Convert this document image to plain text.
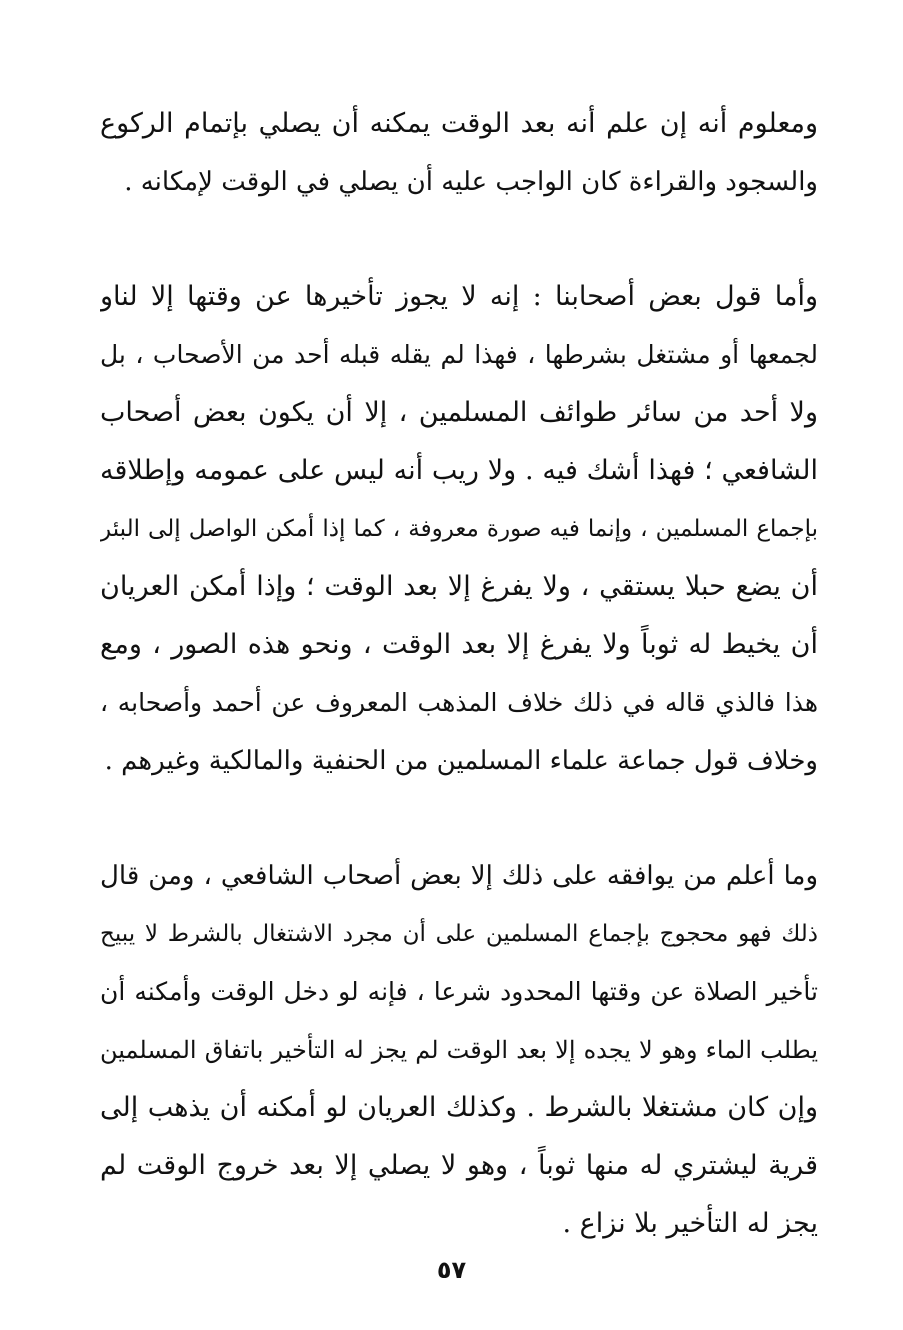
ومعلوم أنه إن علم أنه بعد الوقت يمكنه أن يصلي بإتمام الركوع
والسجود والقراءة كان الواجب عليه أن يصلي في الوقت لإمكانه .
وأما قول بعض أصحابنا : إنه لا يجوز تأخيرها عن وقتها إلا لناو
لجمعها أو مشتغل بشرطها ، فهذا لم يقله قبله أحد من الأصحاب ، بل
ولا أحد من سائر طوائف المسلمين ، إلا أن يكون بعض أصحاب
الشافعي ؛ فهذا أشك فيه . ولا ريب أنه ليس على عمومه وإطلاقه
بإجماع المسلمين ، وإنما فيه صورة معروفة ، كما إذا أمكن الواصل إلى البئر
أن يضع حبلا يستقي ، ولا يفرغ إلا بعد الوقت ؛ وإذا أمكن العريان
أن يخيط له ثوباً ولا يفرغ إلا بعد الوقت ، ونحو هذه الصور ، ومع
هذا فالذي قاله في ذلك خلاف المذهب المعروف عن أحمد وأصحابه ،
وخلاف قول جماعة علماء المسلمين من الحنفية والمالكية وغيرهم .
وما أعلم من يوافقه على ذلك إلا بعض أصحاب الشافعي ، ومن قال
ذلك فهو محجوج بإجماع المسلمين على أن مجرد الاشتغال بالشرط لا يبيح
تأخير الصلاة عن وقتها المحدود شرعا ، فإنه لو دخل الوقت وأمكنه أن
يطلب الماء وهو لا يجده إلا بعد الوقت لم يجز له التأخير باتفاق المسلمين
وإن كان مشتغلا بالشرط . وكذلك العريان لو أمكنه أن يذهب إلى
قرية ليشتري له منها ثوباً ، وهو لا يصلي إلا بعد خروج الوقت لم
يجز له التأخير بلا نزاع .
٥٧
